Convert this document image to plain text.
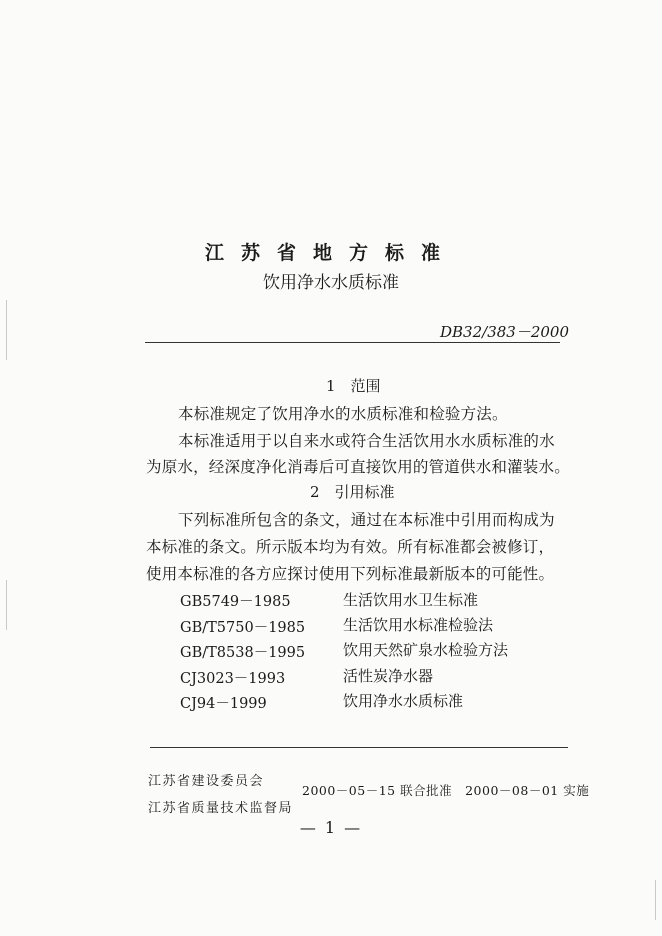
江苏省地方标准
饮用净水水质标准
DB32/383－2000
1　范围
本标准规定了饮用净水的水质标准和检验方法。
本标准适用于以自来水或符合生活饮用水水质标准的水
为原水，经深度净化消毒后可直接饮用的管道供水和灌装水。
2　引用标准
下列标准所包含的条文，通过在本标准中引用而构成为
本标准的条文。所示版本均为有效。所有标准都会被修订，
使用本标准的各方应探讨使用下列标准最新版本的可能性。
GB5749－1985	生活饮用水卫生标准
GB/T5750－1985	生活饮用水标准检验法
GB/T8538－1995	饮用天然矿泉水检验方法
CJ3023－1993	活性炭净水器
CJ94－1999	饮用净水水质标准
江苏省建设委员会
江苏省质量技术监督局
2000－05－15 联合批准　2000－08－01 实施
— 1 —
